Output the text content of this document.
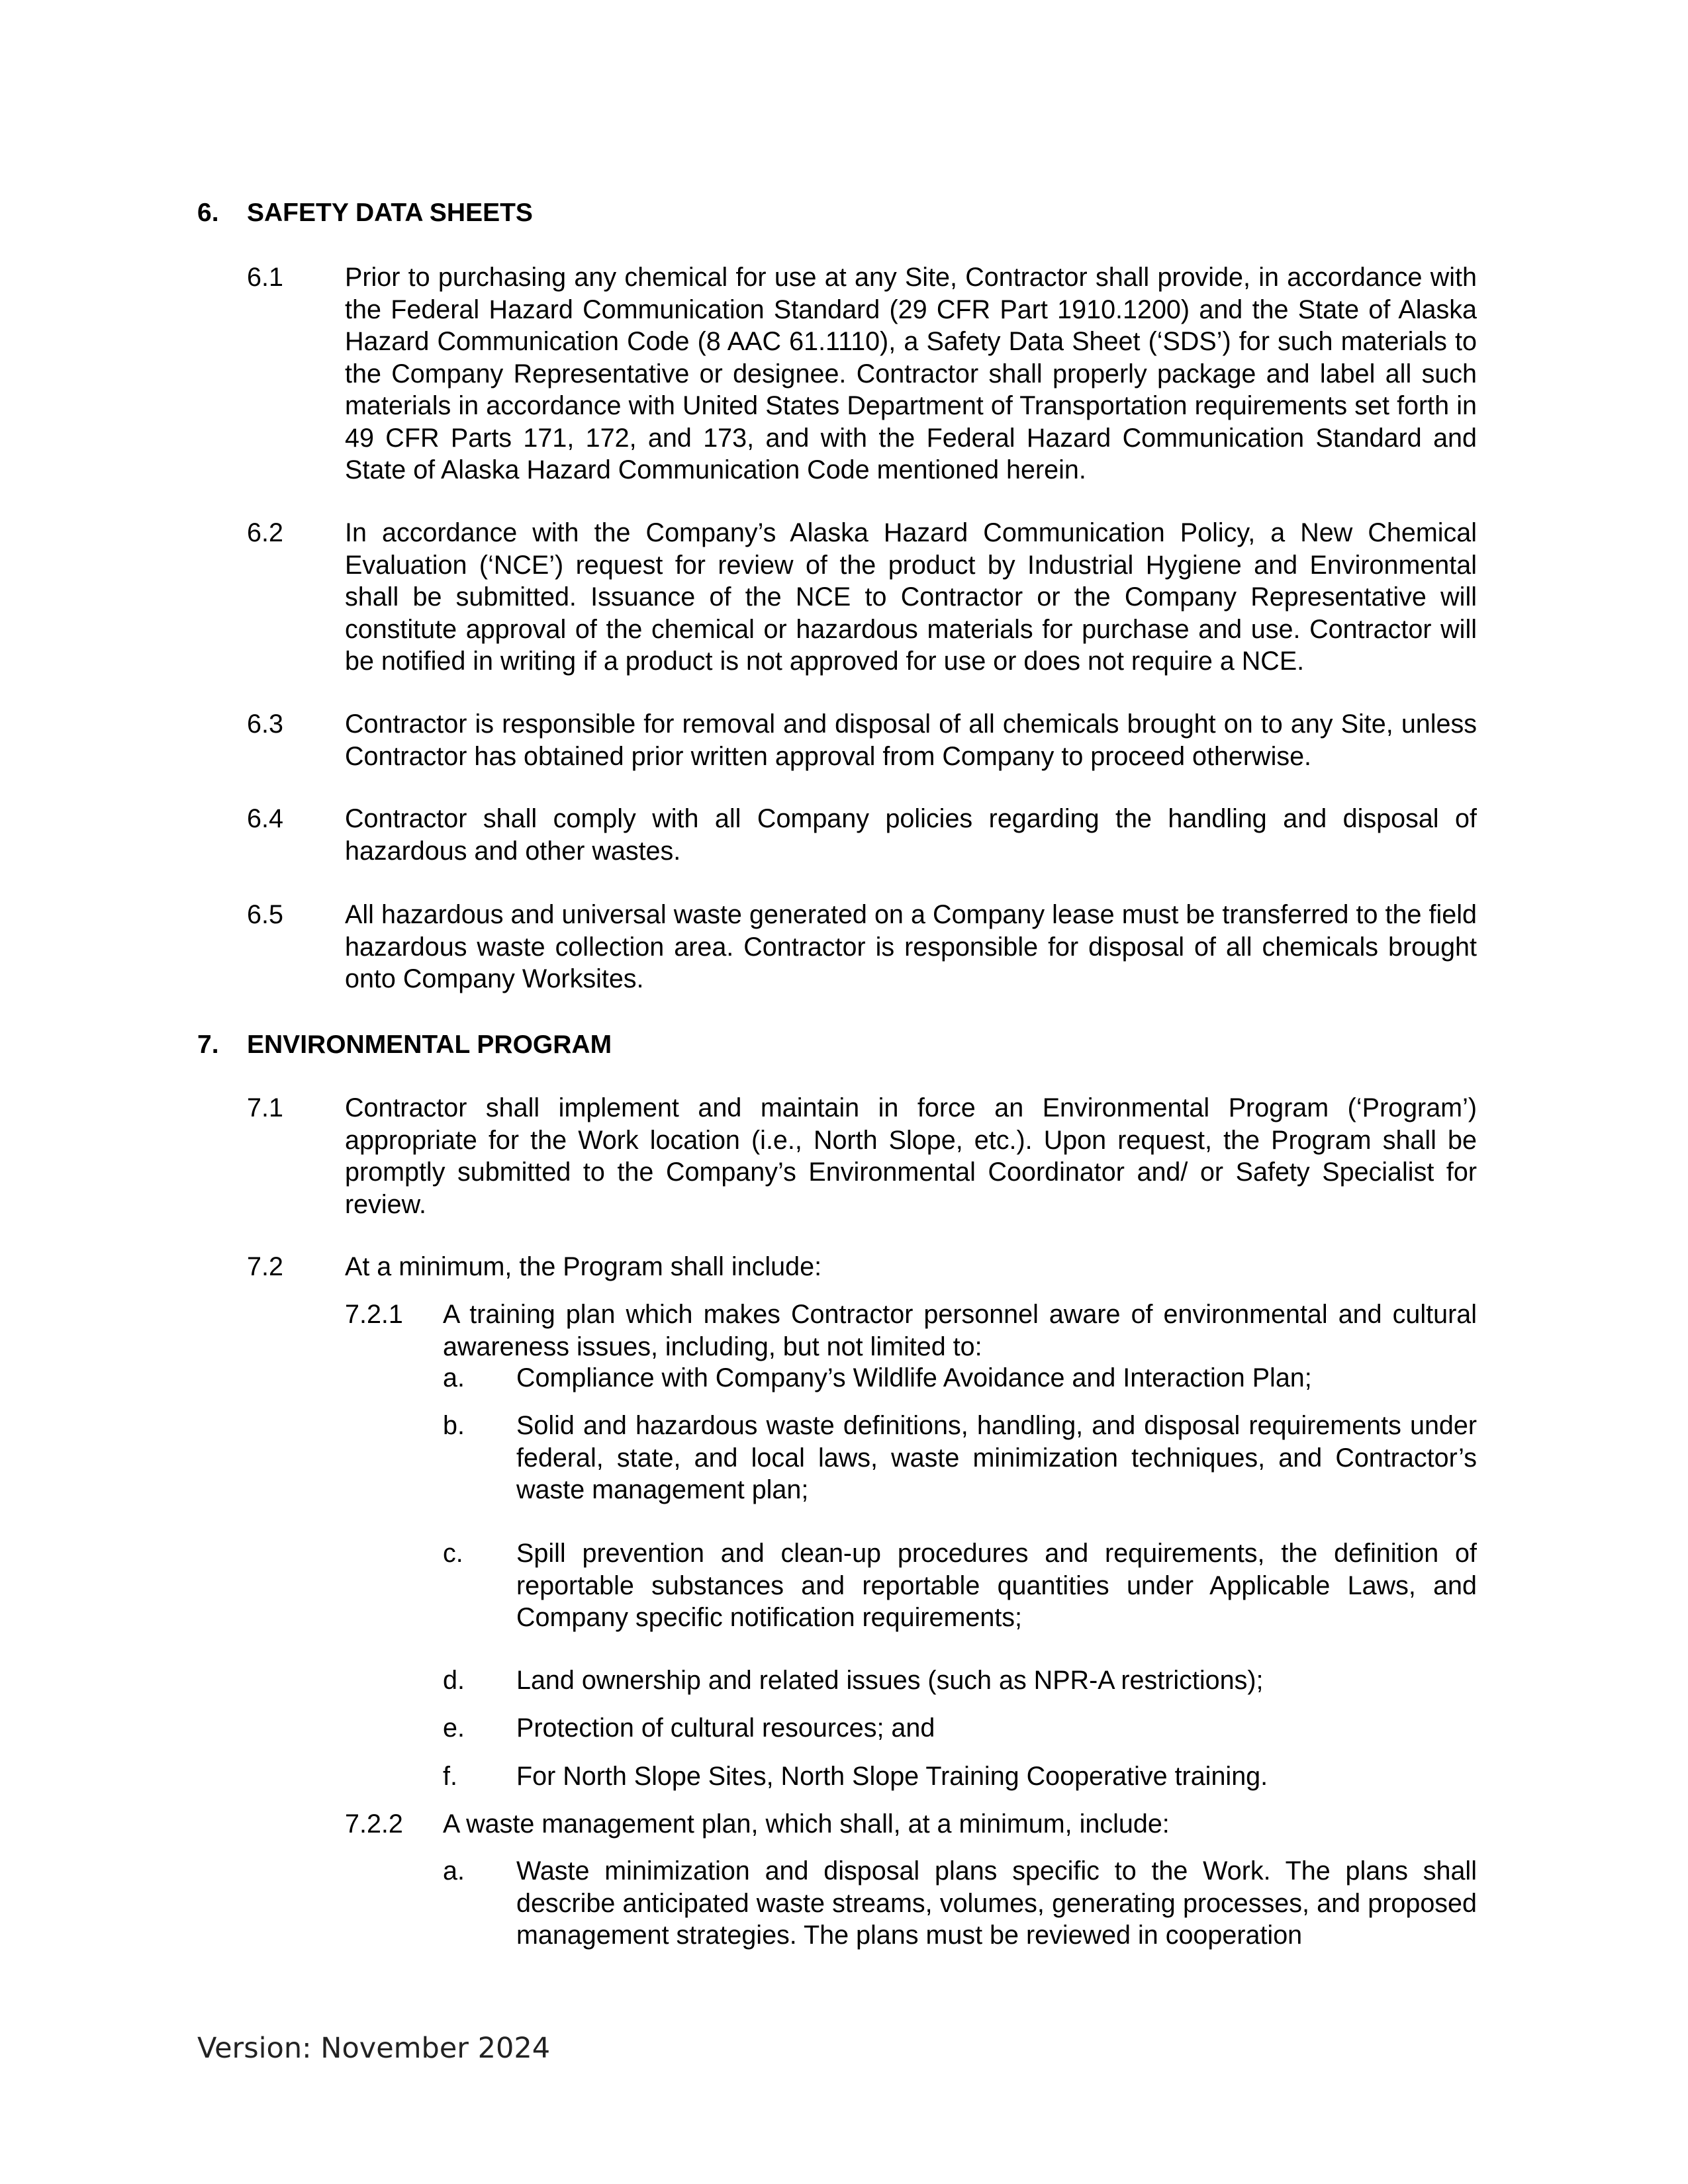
6.	SAFETY DATA SHEETS
6.1	Prior to purchasing any chemical for use at any Site, Contractor shall provide, in accordance with the Federal Hazard Communication Standard (29 CFR Part 1910.1200) and the State of Alaska Hazard Communication Code (8 AAC 61.1110), a Safety Data Sheet (‘SDS’) for such materials to the Company Representative or designee. Contractor shall properly package and label all such materials in accordance with United States Department of Transportation requirements set forth in 49 CFR Parts 171, 172, and 173, and with the Federal Hazard Communication Standard and State of Alaska Hazard Communication Code mentioned herein.
6.2	In accordance with the Company’s Alaska Hazard Communication Policy, a New Chemical Evaluation (‘NCE’) request for review of the product by Industrial Hygiene and Environmental shall be submitted. Issuance of the NCE to Contractor or the Company Representative will constitute approval of the chemical or hazardous materials for purchase and use. Contractor will be notified in writing if a product is not approved for use or does not require a NCE.
6.3	Contractor is responsible for removal and disposal of all chemicals brought on to any Site, unless Contractor has obtained prior written approval from Company to proceed otherwise.
6.4	Contractor shall comply with all Company policies regarding the handling and disposal of hazardous and other wastes.
6.5	All hazardous and universal waste generated on a Company lease must be transferred to the field hazardous waste collection area. Contractor is responsible for disposal of all chemicals brought onto Company Worksites.
7.	ENVIRONMENTAL PROGRAM
7.1	Contractor shall implement and maintain in force an Environmental Program (‘Program’) appropriate for the Work location (i.e., North Slope, etc.). Upon request, the Program shall be promptly submitted to the Company’s Environmental Coordinator and/ or Safety Specialist for review.
7.2	At a minimum, the Program shall include:
7.2.1	A training plan which makes Contractor personnel aware of environmental and cultural awareness issues, including, but not limited to:
a.	Compliance with Company’s Wildlife Avoidance and Interaction Plan;
b.	Solid and hazardous waste definitions, handling, and disposal requirements under federal, state, and local laws, waste minimization techniques, and Contractor’s waste management plan;
c.	Spill prevention and clean-up procedures and requirements, the definition of reportable substances and reportable quantities under Applicable Laws, and Company specific notification requirements;
d.	Land ownership and related issues (such as NPR-A restrictions);
e.	Protection of cultural resources; and
f.	For North Slope Sites, North Slope Training Cooperative training.
7.2.2	A waste management plan, which shall, at a minimum, include:
a.	Waste minimization and disposal plans specific to the Work. The plans shall describe anticipated waste streams, volumes, generating processes, and proposed management strategies. The plans must be reviewed in cooperation
Version: November 2024
